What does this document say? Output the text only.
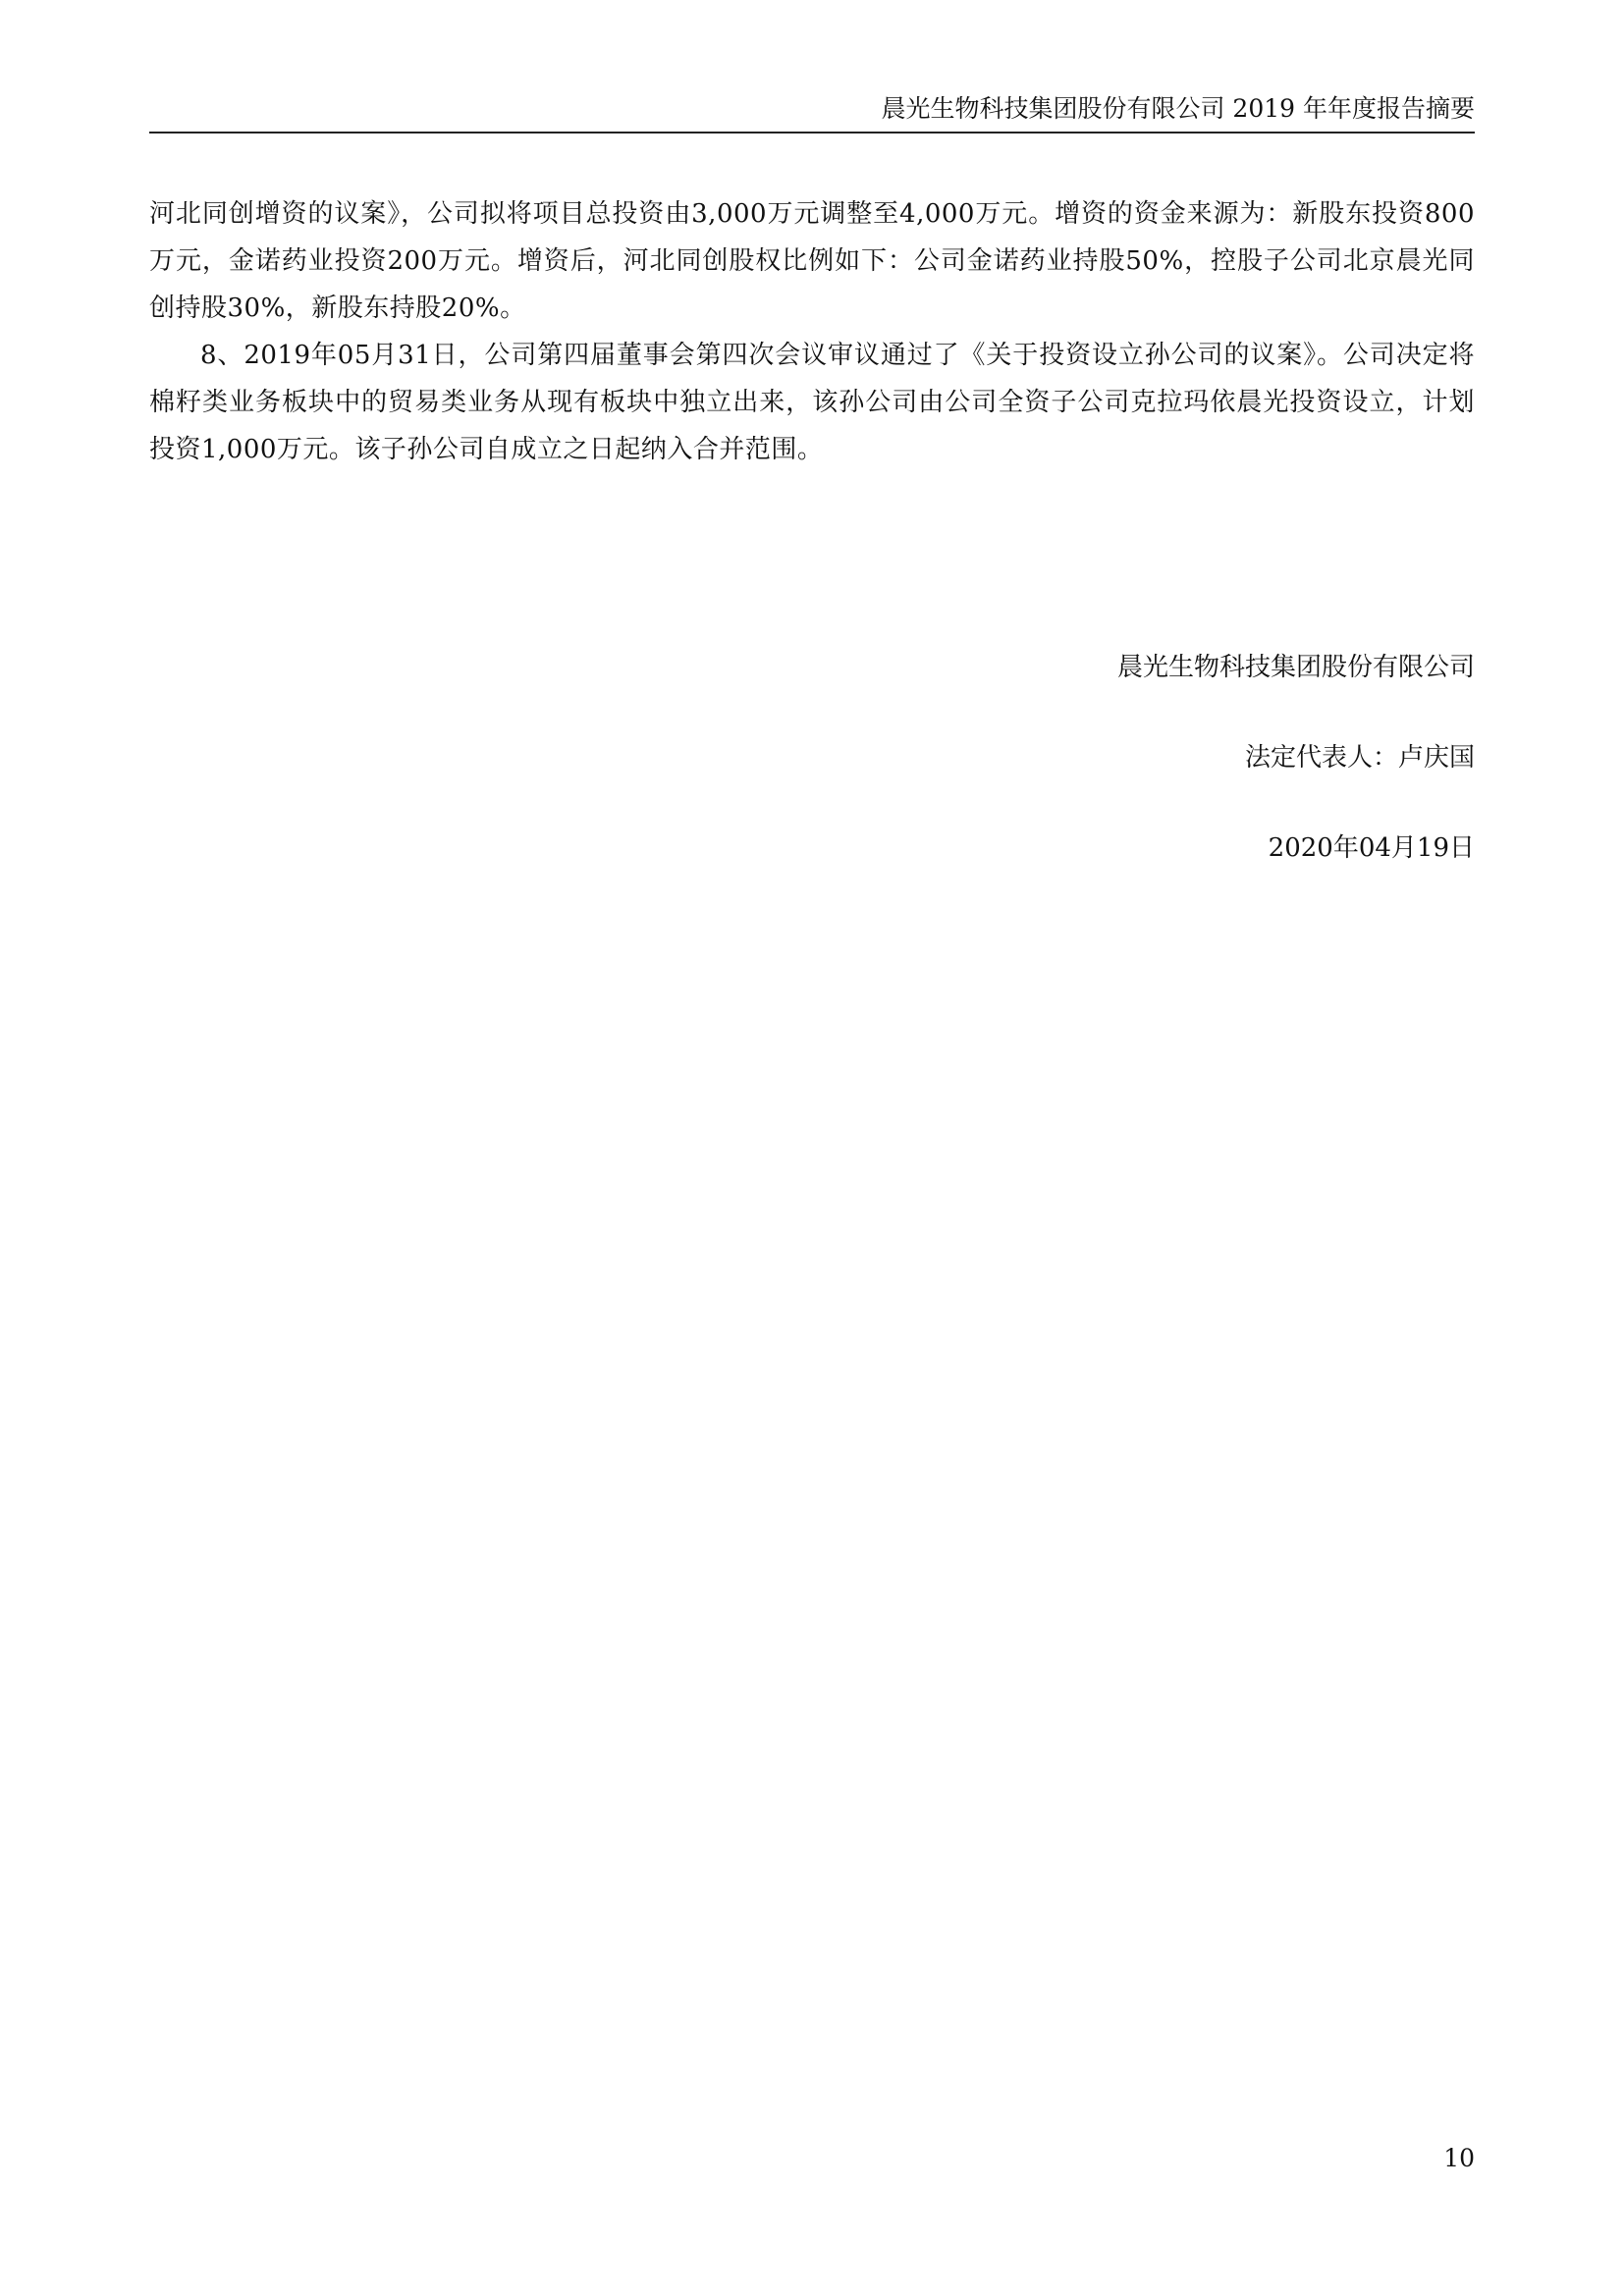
晨光生物科技集团股份有限公司 2019 年年度报告摘要

河北同创增资的议案》，公司拟将项目总投资由3,000万元调整至4,000万元。增资的资金来源为：新股东投资800万元，金诺药业投资200万元。增资后，河北同创股权比例如下：公司金诺药业持股50%，控股子公司北京晨光同创持股30%，新股东持股20%。

8、2019年05月31日，公司第四届董事会第四次会议审议通过了《关于投资设立孙公司的议案》。公司决定将棉籽类业务板块中的贸易类业务从现有板块中独立出来，该孙公司由公司全资子公司克拉玛依晨光投资设立，计划投资1,000万元。该子孙公司自成立之日起纳入合并范围。

晨光生物科技集团股份有限公司
法定代表人：卢庆国
2020年04月19日
10
